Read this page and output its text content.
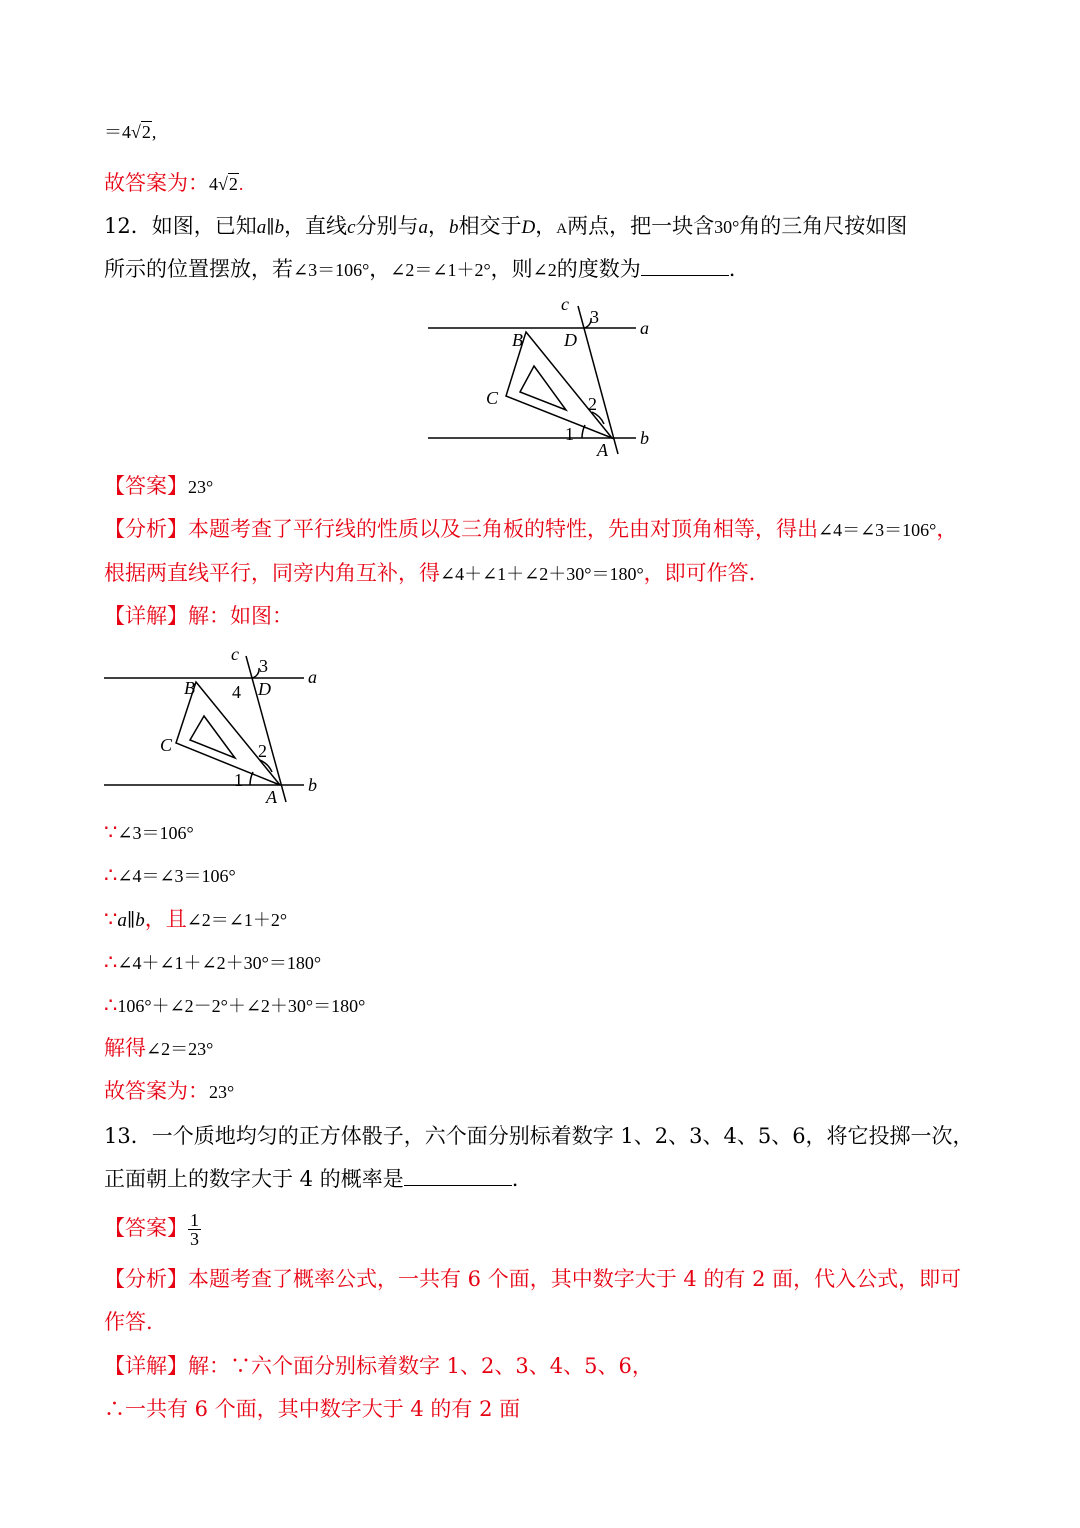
＝4√2,
故答案为：4√2.
12．如图，已知a∥b，直线c分别与a，b相交于D，A两点，把一块含30°角的三角尺按如图
所示的位置摆放，若∠3＝106°，∠2＝∠1＋2°，则∠2的度数为	.
c
3
a
B D
C	2
1	b
A
【答案】23°
【分析】本题考查了平行线的性质以及三角板的特性，先由对顶角相等，得出∠4＝∠3＝106°，
根据两直线平行，同旁内角互补，得∠4＋∠1＋∠2＋30°＝180°，即可作答.
【详解】解：如图：
c
3
a
B 4 D
C	2
1	b
A
∵∠3＝106°
∴∠4＝∠3＝106°
∵a∥b，且∠2＝∠1＋2°
∴∠4＋∠1＋∠2＋30°＝180°
∴106°＋∠2－2°＋∠2＋30°＝180°
解得∠2＝23°
故答案为：23°
13．一个质地均匀的正方体骰子，六个面分别标着数字 1、2、3、4、5、6，将它投掷一次，
正面朝上的数字大于 4 的概率是	.
【答案】 $\frac{1}{3}$
【分析】本题考查了概率公式，一共有 6 个面，其中数字大于 4 的有 2 面，代入公式，即可
作答.
【详解】解：∵六个面分别标着数字 1、2、3、4、5、6，
∴一共有 6 个面，其中数字大于 4 的有 2 面
